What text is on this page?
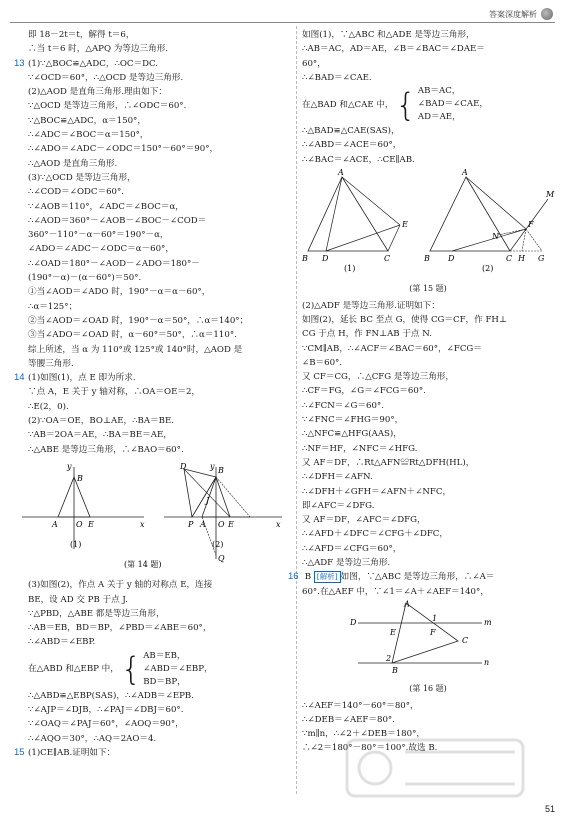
答案深度解析
即 18－2t＝t，解得 t＝6，
∴当 t＝6 时，△APQ 为等边三角形.
13 (1)∵△BOC≌△ADC，∴OC＝DC.
∵∠OCD＝60°，∴△OCD 是等边三角形.
(2)△AOD 是直角三角形.理由如下：
∵△OCD 是等边三角形，∴∠ODC＝60°.
∵△BOC≌△ADC，α＝150°，
∴∠ADC＝∠BOC＝α＝150°，
∴∠ADO＝∠ADC－∠ODC＝150°－60°＝90°，
∴△AOD 是直角三角形.
(3)∵△OCD 是等边三角形，
∴∠COD＝∠ODC＝60°.
∵∠AOB＝110°，∠ADC＝∠BOC＝α，
∴∠AOD＝360°－∠AOB－∠BOC－∠COD＝
360°－110°－α－60°＝190°－α，
∠ADO＝∠ADC－∠ODC＝α－60°，
∴∠OAD＝180°－∠AOD－∠ADO＝180°－
(190°－α)－(α－60°)＝50°.
①当∠AOD＝∠ADO 时，190°－α＝α－60°，
∴α＝125°；
②当∠AOD＝∠OAD 时，190°－α＝50°，∴α＝140°；
③当∠ADO＝∠OAD 时，α－60°＝50°，∴α＝110°.
综上所述，当 α 为 110°或 125°或 140°时，△AOD 是
等腰三角形.
14 (1)如图(1)，点 E 即为所求.
∵点 A，E 关于 y 轴对称，∴OA＝OE＝2，
∴E(2，0).
(2)∵OA＝OE，BO⊥AE，∴BA＝BE.
∵AB＝2OA＝AE，∴BA＝BE＝AE，
∴△ABE 是等边三角形，∴∠BAO＝60°.
y
B
A O E	x
D	B
J
P A O E	x
Q
y
(1)	(2)
(第 14 题)
(3)如图(2)，作点 A 关于 y 轴的对称点 E，连接
BE，设 AD 交 PB 于点 J.
∵△PBD，△ABE 都是等边三角形，
∴AB＝EB，BD＝BP，∠PBD＝∠ABE＝60°，
∴∠ABD＝∠EBP.
在△ABD 和△EBP 中， { AB＝EB，
∠ABD＝∠EBP，
BD＝BP，
∴△ABD≌△EBP(SAS)，∴∠ADB＝∠EPB.
∵∠AJP＝∠DJB，∴∠PAJ＝∠DBJ＝60°.
∵∠OAQ＝∠PAJ＝60°，∠AOQ＝90°，
∴∠AQO＝30°，∴AQ＝2AO＝4.
15 (1)CE∥AB.证明如下：
如图(1)，∵△ABC 和△ADE 是等边三角形，
∴AB＝AC，AD＝AE，∠B＝∠BAC＝∠DAE＝
60°，
∴∠BAD＝∠CAE.
在△BAD 和△CAE 中， { AB＝AC，
∠BAD＝∠CAE，
AD＝AE，
∴△BAD≌△CAE(SAS)，
∴∠ABD＝∠ACE＝60°，
∴∠BAC＝∠ACE，∴CE∥AB.
A
B D	C
E
A
B D	C H G
N
F
M
(1)	(2)
(第 15 题)
(2)△ADF 是等边三角形.证明如下：
如图(2)，延长 BC 至点 G，使得 CG＝CF，作 FH⊥
CG 于点 H，作 FN⊥AB 于点 N.
∵CM∥AB，∴∠ACF＝∠BAC＝60°，∠FCG＝
∠B＝60°.
又 CF＝CG，∴△CFG 是等边三角形，
∴CF＝FG，∠G＝∠FCG＝60°.
∴∠FCN＝∠G＝60°.
∵∠FNC＝∠FHG＝90°，
∴△NFC≌△HFG(AAS)，
∴NF＝HF，∠NFC＝∠HFG.
又 AF＝DF，∴Rt△AFN≌Rt△DFH(HL)，
∴∠DFH＝∠AFN.
∴∠DFH＋∠GFH＝∠AFN＋∠NFC，
即∠AFC＝∠DFG.
又 AF＝DF，∠AFC＝∠DFG，
∴∠AFD＋∠DFC＝∠CFG＋∠DFC，
∴∠AFD＝∠CFG＝60°，
∴△ADF 是等边三角形.
16 B [解析] 如图，∵△ABC 是等边三角形，∴∠A＝
60°.在△AEF 中，∵∠1＝∠A＋∠AEF＝140°，
A
D
E	F
1
C
2
B
m
n
(第 16 题)
∴∠AEF＝140°－60°＝80°，
∴∠DEB＝∠AEF＝80°.
∵m∥n，∴∠2＋∠DEB＝180°，
∴∠2＝180°－80°＝100°.故选 B.
51
